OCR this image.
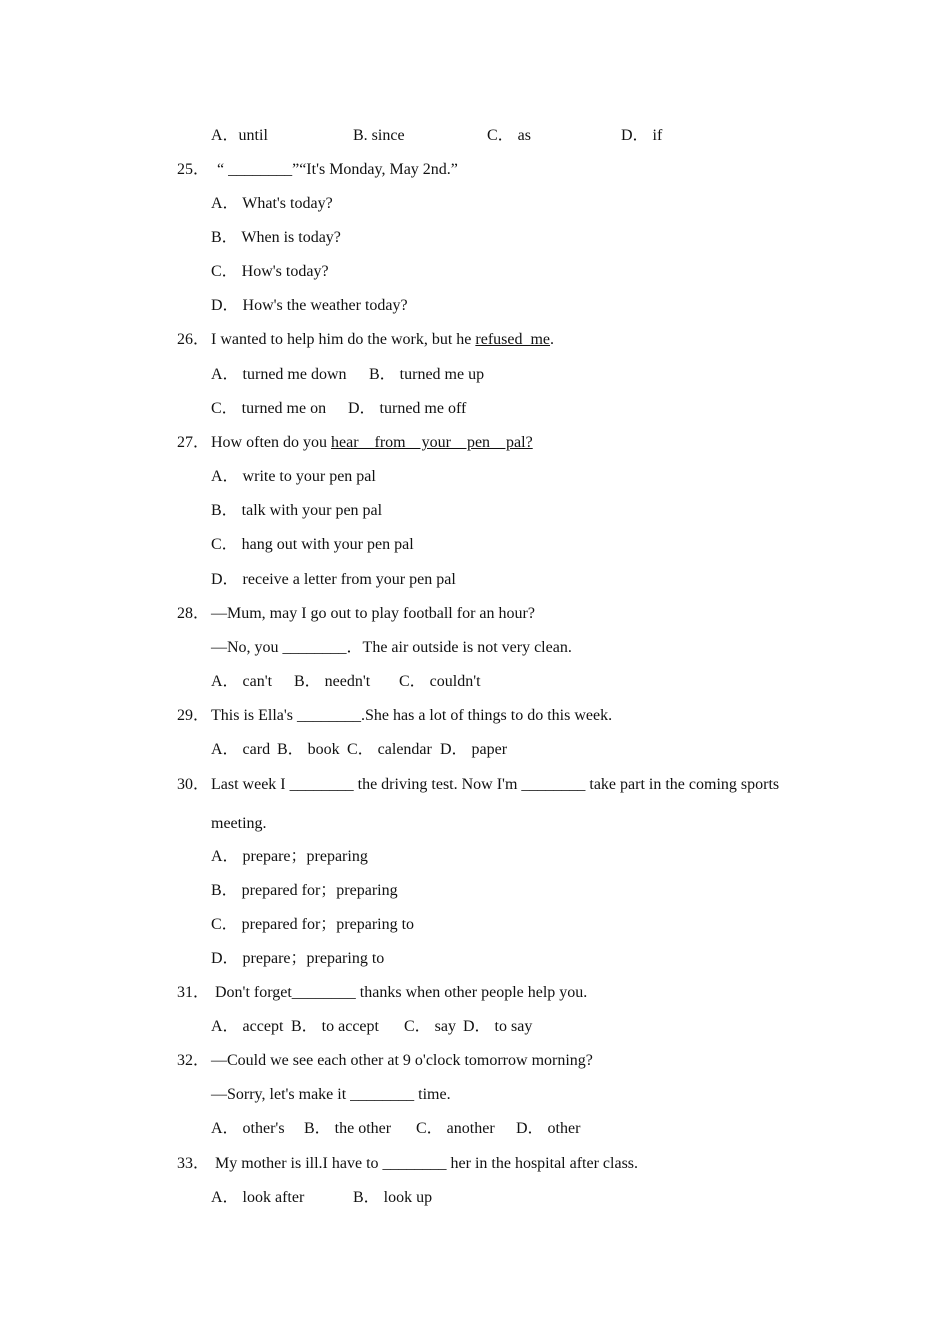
A．until	B. since	C． as	D． if
25． “ ________”“It's Monday, May 2nd.”
A． What's today?
B． When is today?
C． How's today?
D． How's the weather today?
26． I wanted to help him do the work, but he refused  me.
A． turned me down B． turned me up
C． turned me on D． turned me off
27． How often do you hear    from    your    pen    pal?
A． write to your pen pal
B． talk with your pen pal
C． hang out with your pen pal
D． receive a letter from your pen pal
28． —Mum, may I go out to play football for an hour?
—No, you ________．The air outside is not very clean.
A． can't B． needn't C． couldn't
29． This is Ella's ________.She has a lot of things to do this week.
A． card B． book C． calendar D． paper
30． Last week I ________ the driving test. Now I'm ________ take part in the coming sports
meeting.
A． prepare；preparing
B． prepared for；preparing
C． prepared for；preparing to
D． prepare；preparing to
31． Don't forget________ thanks when other people help you.
A． accept B． to accept C． say D． to say
32． —Could we see each other at 9 o'clock tomorrow morning?
—Sorry, let's make it ________ time.
A． other's B． the other C． another D． other
33． My mother is ill.I have to ________ her in the hospital after class.
A． look after	B． look up
